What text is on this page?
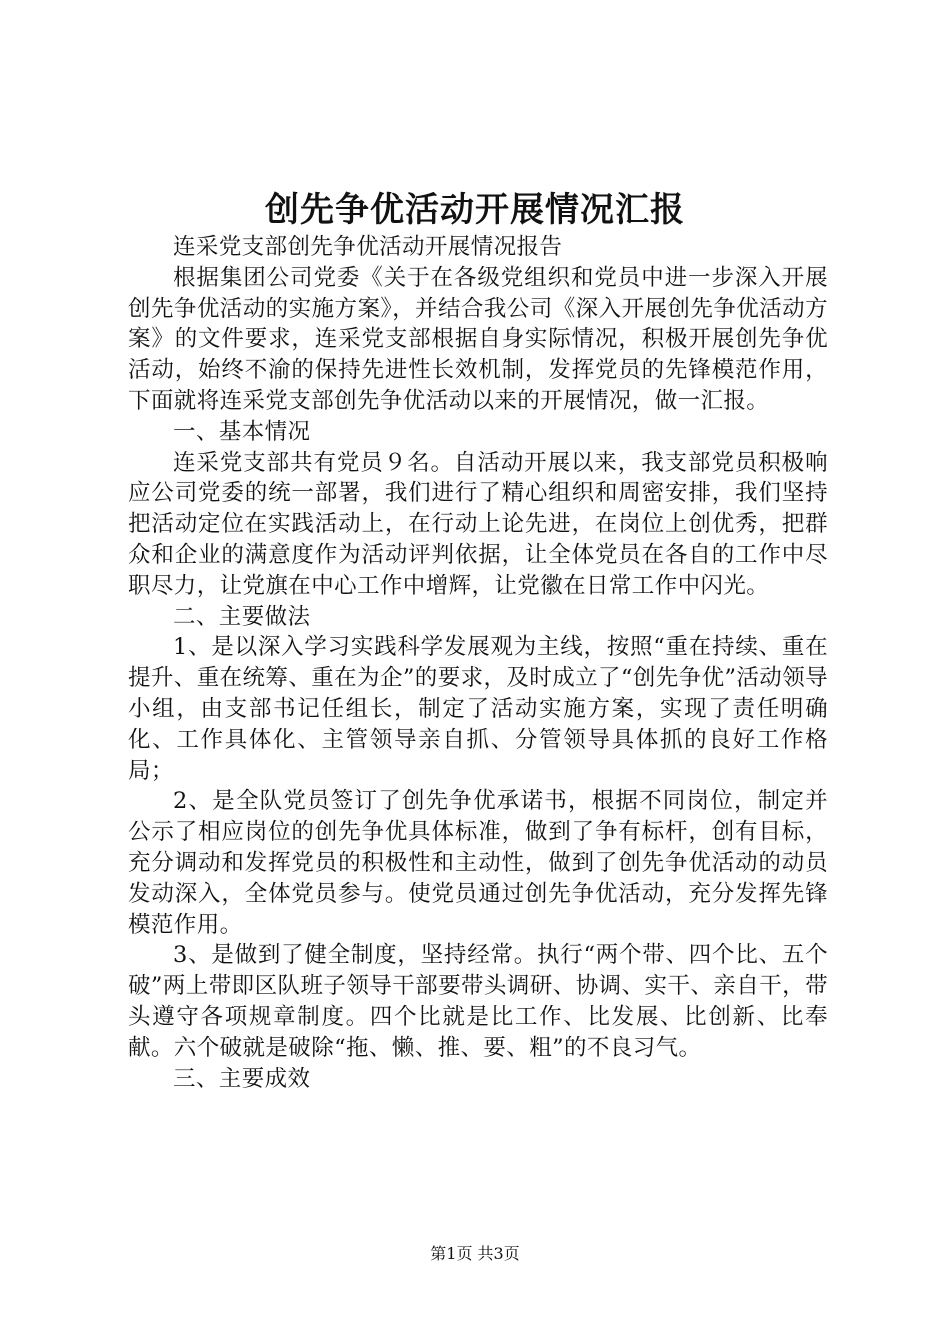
创先争优活动开展情况汇报

连采党支部创先争优活动开展情况报告

根据集团公司党委《关于在各级党组织和党员中进一步深入开展创先争优活动的实施方案》，并结合我公司《深入开展创先争优活动方案》的文件要求，连采党支部根据自身实际情况，积极开展创先争优活动，始终不渝的保持先进性长效机制，发挥党员的先锋模范作用，下面就将连采党支部创先争优活动以来的开展情况，做一汇报。

一、基本情况

连采党支部共有党员９名。自活动开展以来，我支部党员积极响应公司党委的统一部署，我们进行了精心组织和周密安排，我们坚持把活动定位在实践活动上，在行动上论先进，在岗位上创优秀，把群众和企业的满意度作为活动评判依据，让全体党员在各自的工作中尽职尽力，让党旗在中心工作中增辉，让党徽在日常工作中闪光。

二、主要做法

1、是以深入学习实践科学发展观为主线，按照“重在持续、重在提升、重在统筹、重在为企”的要求，及时成立了“创先争优”活动领导小组，由支部书记任组长，制定了活动实施方案，实现了责任明确化、工作具体化、主管领导亲自抓、分管领导具体抓的良好工作格局；

2、是全队党员签订了创先争优承诺书，根据不同岗位，制定并公示了相应岗位的创先争优具体标准，做到了争有标杆，创有目标，充分调动和发挥党员的积极性和主动性，做到了创先争优活动的动员发动深入，全体党员参与。使党员通过创先争优活动，充分发挥先锋模范作用。

3、是做到了健全制度，坚持经常。执行“两个带、四个比、五个破”两上带即区队班子领导干部要带头调研、协调、实干、亲自干，带头遵守各项规章制度。四个比就是比工作、比发展、比创新、比奉献。六个破就是破除“拖、懒、推、要、粗”的不良习气。

三、主要成效

第1页 共3页
